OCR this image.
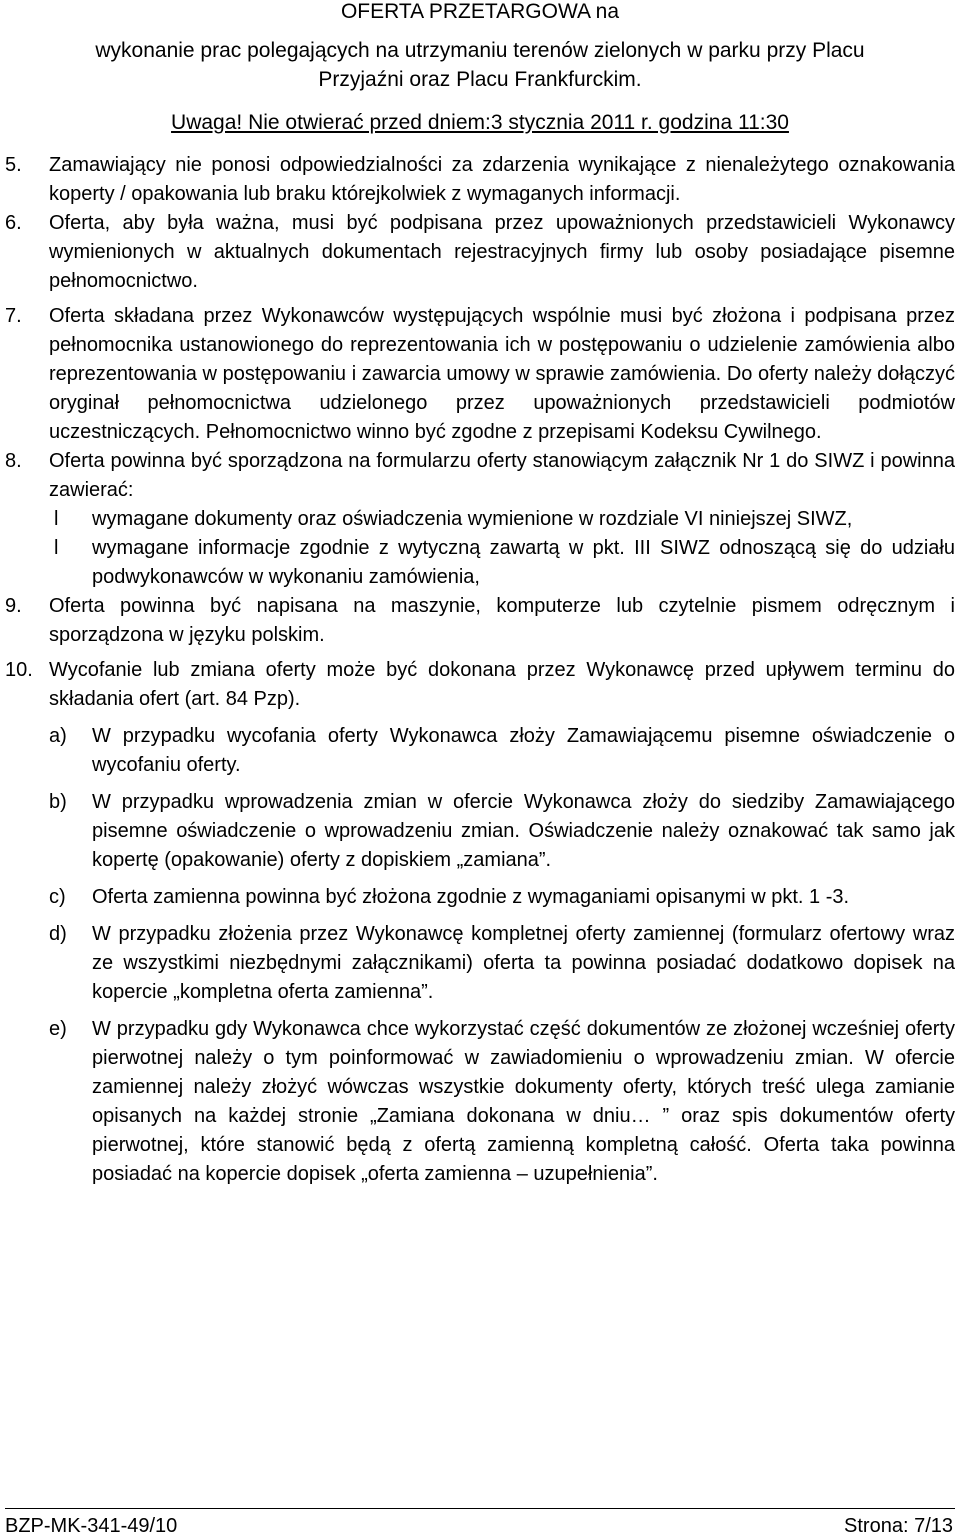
OFERTA PRZETARGOWA na
wykonanie prac polegających na utrzymaniu terenów zielonych w parku przy Placu
Przyjaźni oraz Placu Frankfurckim.
Uwaga! Nie otwierać przed dniem:3 stycznia 2011 r. godzina 11:30
5. Zamawiający nie ponosi odpowiedzialności za zdarzenia wynikające z nienależytego oznakowania koperty / opakowania lub braku którejkolwiek z wymaganych informacji.
6. Oferta, aby była ważna, musi być podpisana przez upoważnionych przedstawicieli Wykonawcy wymienionych w aktualnych dokumentach rejestracyjnych firmy lub osoby posiadające pisemne pełnomocnictwo.
7. Oferta składana przez Wykonawców występujących wspólnie musi być złożona i podpisana przez pełnomocnika ustanowionego do reprezentowania ich w postępowaniu o udzielenie zamówienia albo reprezentowania w postępowaniu i zawarcia umowy w sprawie zamówienia. Do oferty należy dołączyć oryginał pełnomocnictwa udzielonego przez upoważnionych przedstawicieli podmiotów uczestniczących. Pełnomocnictwo winno być zgodne z przepisami Kodeksu Cywilnego.
8. Oferta powinna być sporządzona na formularzu oferty stanowiącym załącznik Nr 1 do SIWZ i powinna zawierać:
l wymagane dokumenty oraz oświadczenia wymienione w rozdziale VI niniejszej SIWZ,
l wymagane informacje zgodnie z wytyczną zawartą w pkt. III SIWZ odnoszącą się do udziału podwykonawców w wykonaniu zamówienia,
9. Oferta powinna być napisana na maszynie, komputerze lub czytelnie pismem odręcznym i sporządzona w języku polskim.
10. Wycofanie lub zmiana oferty może być dokonana przez Wykonawcę przed upływem terminu do składania ofert (art. 84 Pzp).
a) W przypadku wycofania oferty Wykonawca złoży Zamawiającemu pisemne oświadczenie o wycofaniu oferty.
b) W przypadku wprowadzenia zmian w ofercie Wykonawca złoży do siedziby Zamawiającego pisemne oświadczenie o wprowadzeniu zmian. Oświadczenie należy oznakować tak samo jak kopertę (opakowanie) oferty z dopiskiem „zamiana”.
c) Oferta zamienna powinna być złożona zgodnie z wymaganiami opisanymi w pkt. 1 -3.
d) W przypadku złożenia przez Wykonawcę kompletnej oferty zamiennej (formularz ofertowy wraz ze wszystkimi niezbędnymi załącznikami) oferta ta powinna posiadać dodatkowo dopisek na kopercie „kompletna oferta zamienna”.
e) W przypadku gdy Wykonawca chce wykorzystać część dokumentów ze złożonej wcześniej oferty pierwotnej należy o tym poinformować w zawiadomieniu o wprowadzeniu zmian. W ofercie zamiennej należy złożyć wówczas wszystkie dokumenty oferty, których treść ulega zamianie opisanych na każdej stronie „Zamiana dokonana w dniu… ” oraz spis dokumentów oferty pierwotnej, które stanowić będą z ofertą zamienną kompletną całość. Oferta taka powinna posiadać na kopercie dopisek „oferta zamienna – uzupełnienia”.
BZP-MK-341-49/10	Strona: 7/13
